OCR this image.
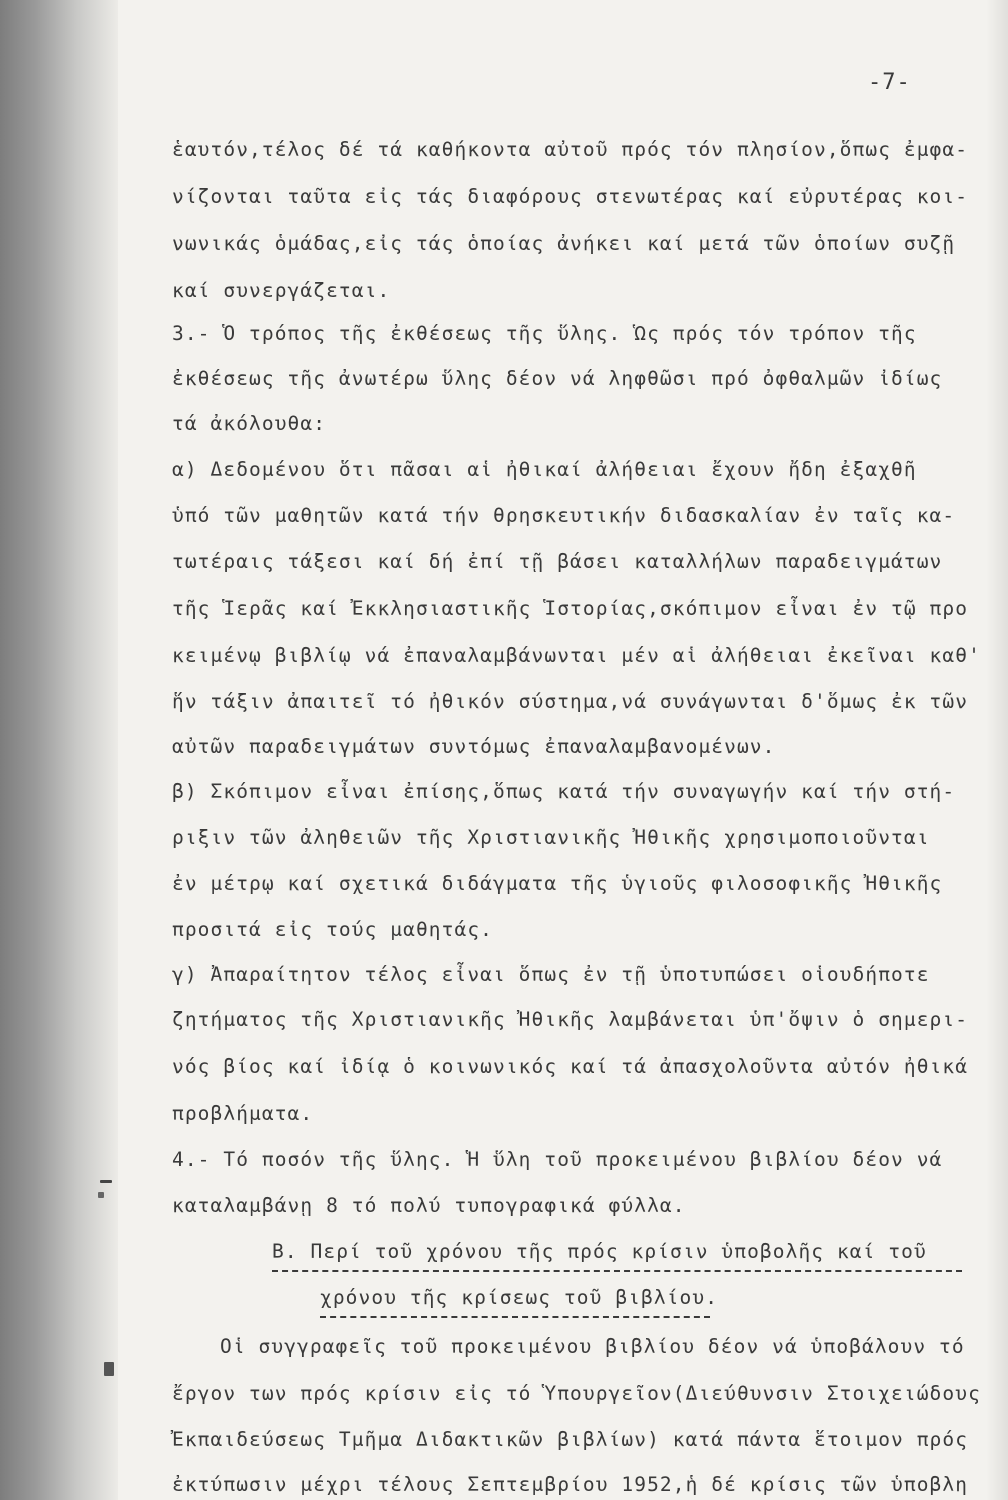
-7-
ἑαυτόν,τέλος δέ τά καθήκοντα αὐτοῦ πρός τόν πλησίον,ὅπως ἐμφα-
νίζονται ταῦτα εἰς τάς διαφόρους στενωτέρας καί εὐρυτέρας κοι-
νωνικάς ὁμάδας,εἰς τάς ὁποίας ἀνήκει καί μετά τῶν ὁποίων συζῇ
καί συνεργάζεται.
3.- Ὁ τρόπος τῆς ἐκθέσεως τῆς ὕλης. Ὡς πρός τόν τρόπον τῆς
ἐκθέσεως τῆς ἀνωτέρω ὕλης δέον νά ληφθῶσι πρό ὀφθαλμῶν ἰδίως
τά ἀκόλουθα:
α) Δεδομένου ὅτι πᾶσαι αἱ ἠθικαί ἀλήθειαι ἔχουν ἤδη ἐξαχθῆ
ὑπό τῶν μαθητῶν κατά τήν θρησκευτικήν διδασκαλίαν ἐν ταῖς κα-
τωτέραις τάξεσι καί δή ἐπί τῇ βάσει καταλλήλων παραδειγμάτων
τῆς Ἱερᾶς καί Ἐκκλησιαστικῆς Ἱστορίας,σκόπιμον εἶναι ἐν τῷ προ
κειμένῳ βιβλίῳ νά ἐπαναλαμβάνωνται μέν αἱ ἀλήθειαι ἐκεῖναι καθ'
ἥν τάξιν ἀπαιτεῖ τό ἠθικόν σύστημα,νά συνάγωνται δ'ὅμως ἐκ τῶν
αὐτῶν παραδειγμάτων συντόμως ἐπαναλαμβανομένων.
β) Σκόπιμον εἶναι ἐπίσης,ὅπως κατά τήν συναγωγήν καί τήν στή-
ριξιν τῶν ἀληθειῶν τῆς Χριστιανικῆς Ἠθικῆς χρησιμοποιοῦνται
ἐν μέτρῳ καί σχετικά διδάγματα τῆς ὑγιοῦς φιλοσοφικῆς Ἠθικῆς
προσιτά εἰς τούς μαθητάς.
γ) Ἀπαραίτητον τέλος εἶναι ὅπως ἐν τῇ ὑποτυπώσει οἱουδήποτε
ζητήματος τῆς Χριστιανικῆς Ἠθικῆς λαμβάνεται ὑπ'ὄψιν ὁ σημερι-
νός βίος καί ἰδίᾳ ὁ κοινωνικός καί τά ἀπασχολοῦντα αὐτόν ἠθικά
προβλήματα.
4.- Τό ποσόν τῆς ὕλης. Ἡ ὕλη τοῦ προκειμένου βιβλίου δέον νά
καταλαμβάνῃ 8 τό πολύ τυπογραφικά φύλλα.
Β. Περί τοῦ χρόνου τῆς πρός κρίσιν ὑποβολῆς καί τοῦ
χρόνου τῆς κρίσεως τοῦ βιβλίου.
Οἱ συγγραφεῖς τοῦ προκειμένου βιβλίου δέον νά ὑποβάλουν τό
ἔργον των πρός κρίσιν εἰς τό Ὑπουργεῖον(Διεύθυνσιν Στοιχειώδους
Ἐκπαιδεύσεως Τμῆμα Διδακτικῶν βιβλίων) κατά πάντα ἕτοιμον πρός
ἐκτύπωσιν μέχρι τέλους Σεπτεμβρίου 1952,ἡ δέ κρίσις τῶν ὑποβλη
